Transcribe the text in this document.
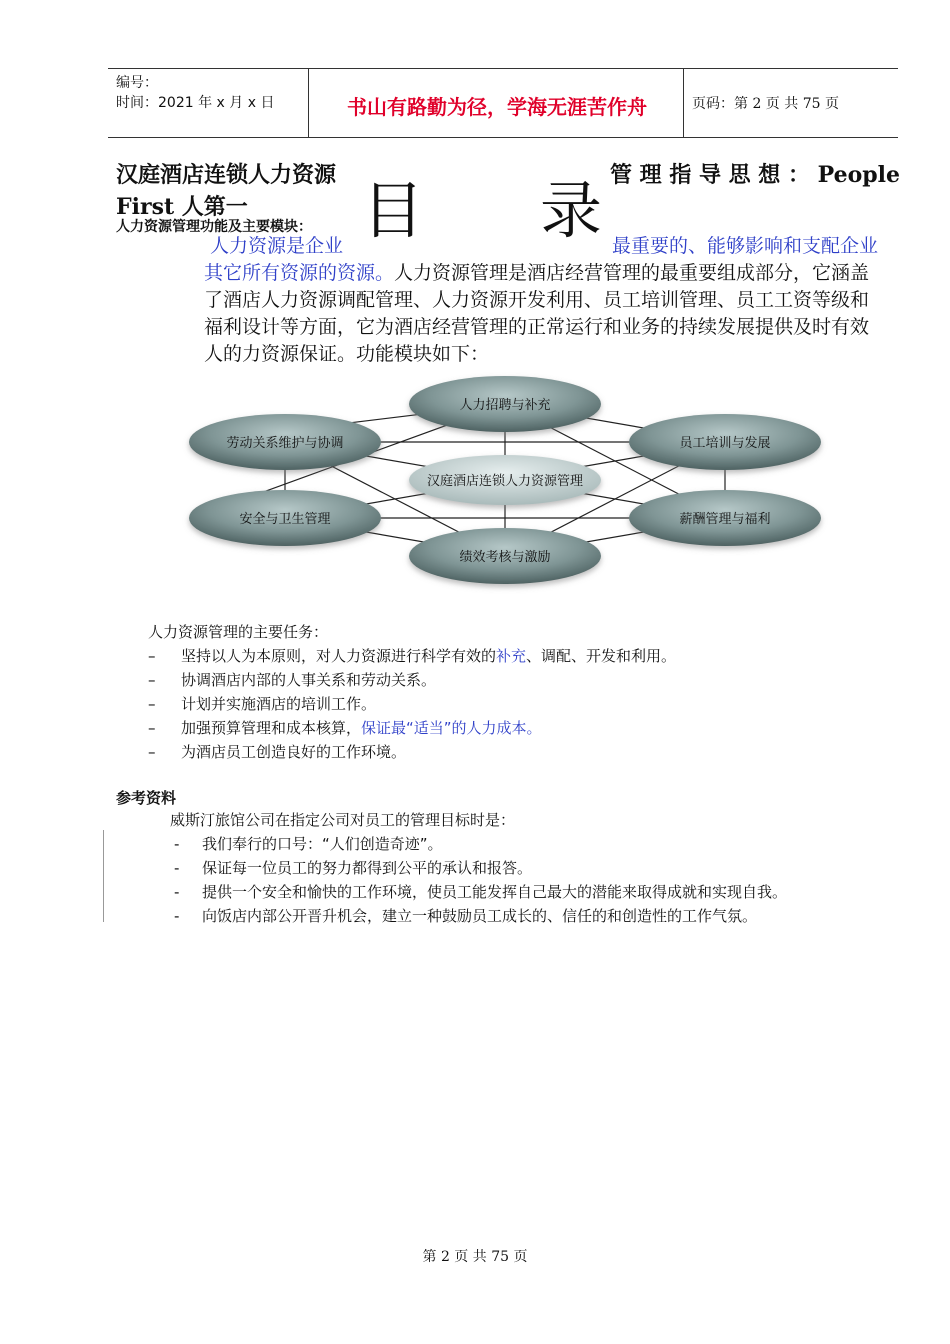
编号：
时间：2021 年 x 月 x 日	书山有路勤为径，学海无涯苦作舟	页码：第 2 页 共 75 页
汉庭酒店连锁人力资源	管 理 指 导 思 想 ： People
First 人第一 目 录
人力资源管理功能及主要模块：
人力资源是企业	最重要的、能够影响和支配企业
其它所有资源的资源。人力资源管理是酒店经营管理的最重要组成部分，它涵盖
了酒店人力资源调配管理、人力资源开发利用、员工培训管理、员工工资等级和
福利设计等方面，它为酒店经营管理的正常运行和业务的持续发展提供及时有效
人的力资源保证。功能模块如下：
人力招聘与补充
劳动关系维护与协调	员工培训与发展
汉庭酒店连锁人力资源管理
安全与卫生管理	薪酬管理与福利
绩效考核与激励
人力资源管理的主要任务：
– 坚持以人为本原则，对人力资源进行科学有效的补充、调配、开发和利用。
– 协调酒店内部的人事关系和劳动关系。
– 计划并实施酒店的培训工作。
– 加强预算管理和成本核算，保证最“适当”的人力成本。
– 为酒店员工创造良好的工作环境。
参考资料
威斯汀旅馆公司在指定公司对员工的管理目标时是：
- 我们奉行的口号：“人们创造奇迹”。
- 保证每一位员工的努力都得到公平的承认和报答。
- 提供一个安全和愉快的工作环境，使员工能发挥自己最大的潜能来取得成就和实现自我。
- 向饭店内部公开晋升机会，建立一种鼓励员工成长的、信任的和创造性的工作气氛。
第 2 页 共 75 页
